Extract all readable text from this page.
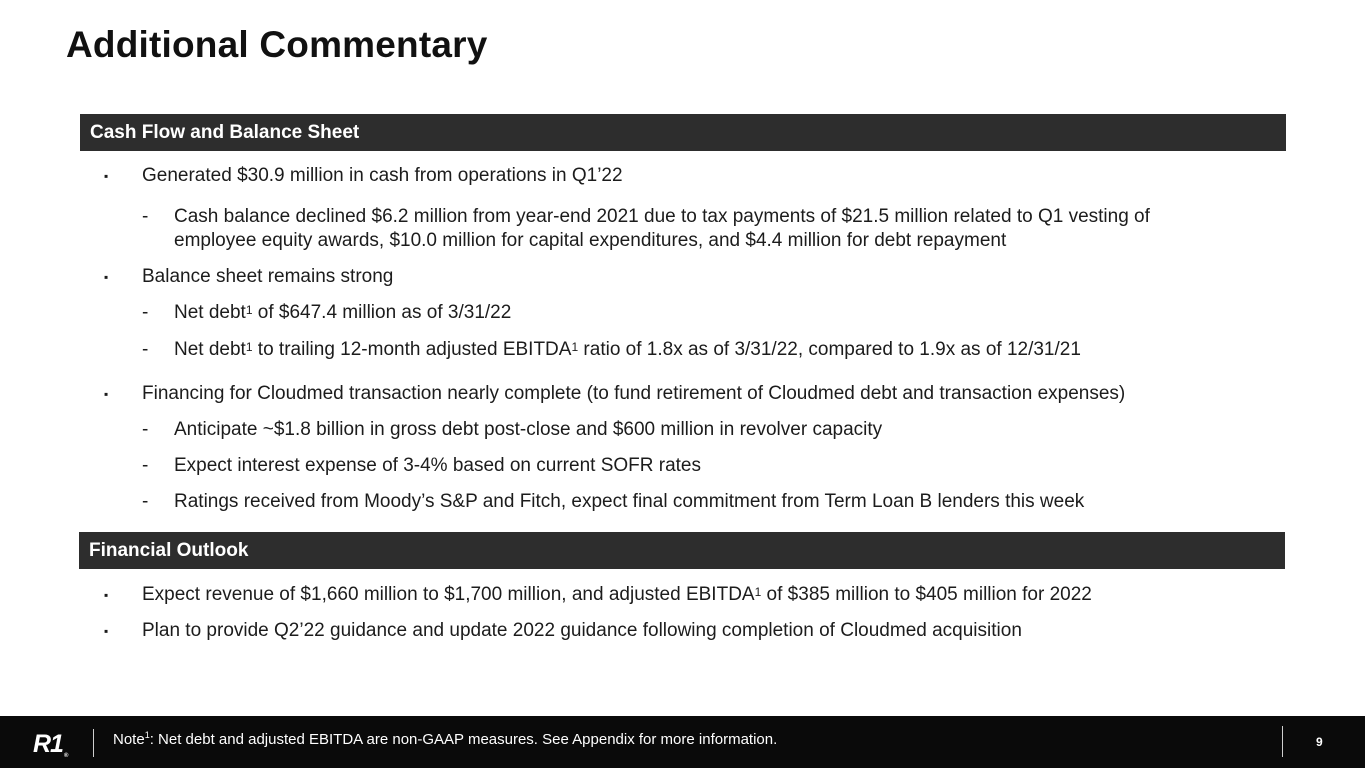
Additional Commentary
Cash Flow and Balance Sheet
▪ Generated $30.9 million in cash from operations in Q1’22
- Cash balance declined $6.2 million from year-end 2021 due to tax payments of $21.5 million related to Q1 vesting of employee equity awards, $10.0 million for capital expenditures, and $4.4 million for debt repayment
▪ Balance sheet remains strong
- Net debt$^1$ of $647.4 million as of 3/31/22
- Net debt$^1$ to trailing 12-month adjusted EBITDA$^1$ ratio of 1.8x as of 3/31/22, compared to 1.9x as of 12/31/21
▪ Financing for Cloudmed transaction nearly complete (to fund retirement of Cloudmed debt and transaction expenses)
- Anticipate ~$1.8 billion in gross debt post-close and $600 million in revolver capacity
- Expect interest expense of 3-4% based on current SOFR rates
- Ratings received from Moody’s S&P and Fitch, expect final commitment from Term Loan B lenders this week
Financial Outlook
▪ Expect revenue of $1,660 million to $1,700 million, and adjusted EBITDA$^1$ of $385 million to $405 million for 2022
▪ Plan to provide Q2’22 guidance and update 2022 guidance following completion of Cloudmed acquisition
R1®
Note$^1$: Net debt and adjusted EBITDA are non-GAAP measures. See Appendix for more information.	9
